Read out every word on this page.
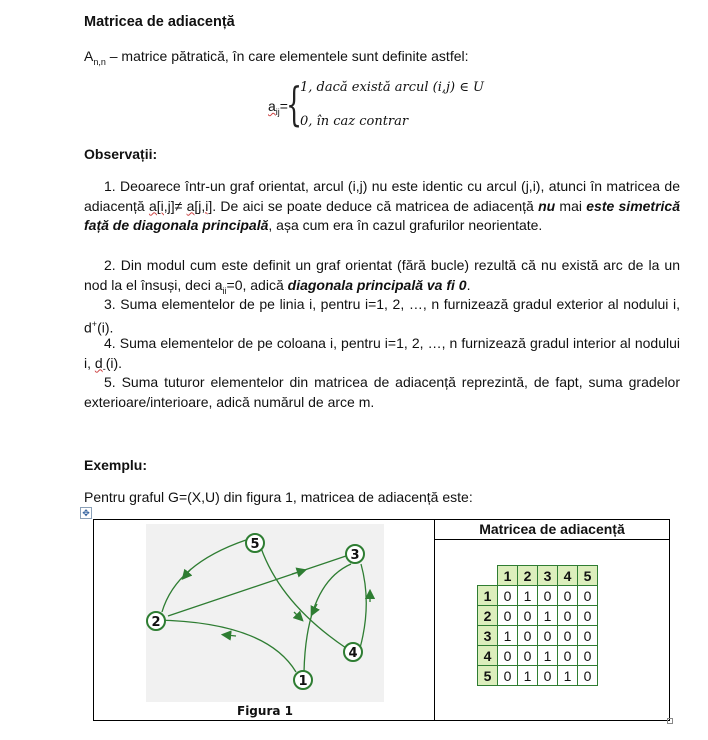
Matricea de adiacență
$A_{n,n}$ – matrice pătratică, în care elementele sunt definite astfel:
$a_{ij}=$
{
1, dacă există arcul (i,j) ∈ U
0, în caz contrar
Observații:
1. Deoarece într-un graf orientat, arcul (i,j) nu este identic cu arcul (j,i), atunci în matricea de adiacență a[i,j]≠ a[j,i]. De aici se poate deduce că matricea de adiacență nu mai este simetrică față de diagonala principală, așa cum era în cazul grafurilor neorientate.
2. Din modul cum este definit un graf orientat (fără bucle) rezultă că nu există arc de la un nod la el însuși, deci $a_{ii}=0$, adică diagonala principală va fi 0.
3. Suma elementelor de pe linia i, pentru i=1, 2, …, n furnizează gradul exterior al nodului i, d+(i).
4. Suma elementelor de pe coloana i, pentru i=1, 2, …, n furnizează gradul interior al nodului i, $d_-(i)$.
5. Suma tuturor elementelor din matricea de adiacență reprezintă, de fapt, suma gradelor exterioare/interioare, adică numărul de arce m.
Exemplu:
Pentru graful G=(X,U) din figura 1, matricea de adiacență este:
✥
1
2
3
4
5
Figura 1
Matricea de adiacență
	1	2	3	4	5
1	0	1	0	0	0
2	0	0	1	0	0
3	1	0	0	0	0
4	0	0	1	0	0
5	0	1	0	1	0
